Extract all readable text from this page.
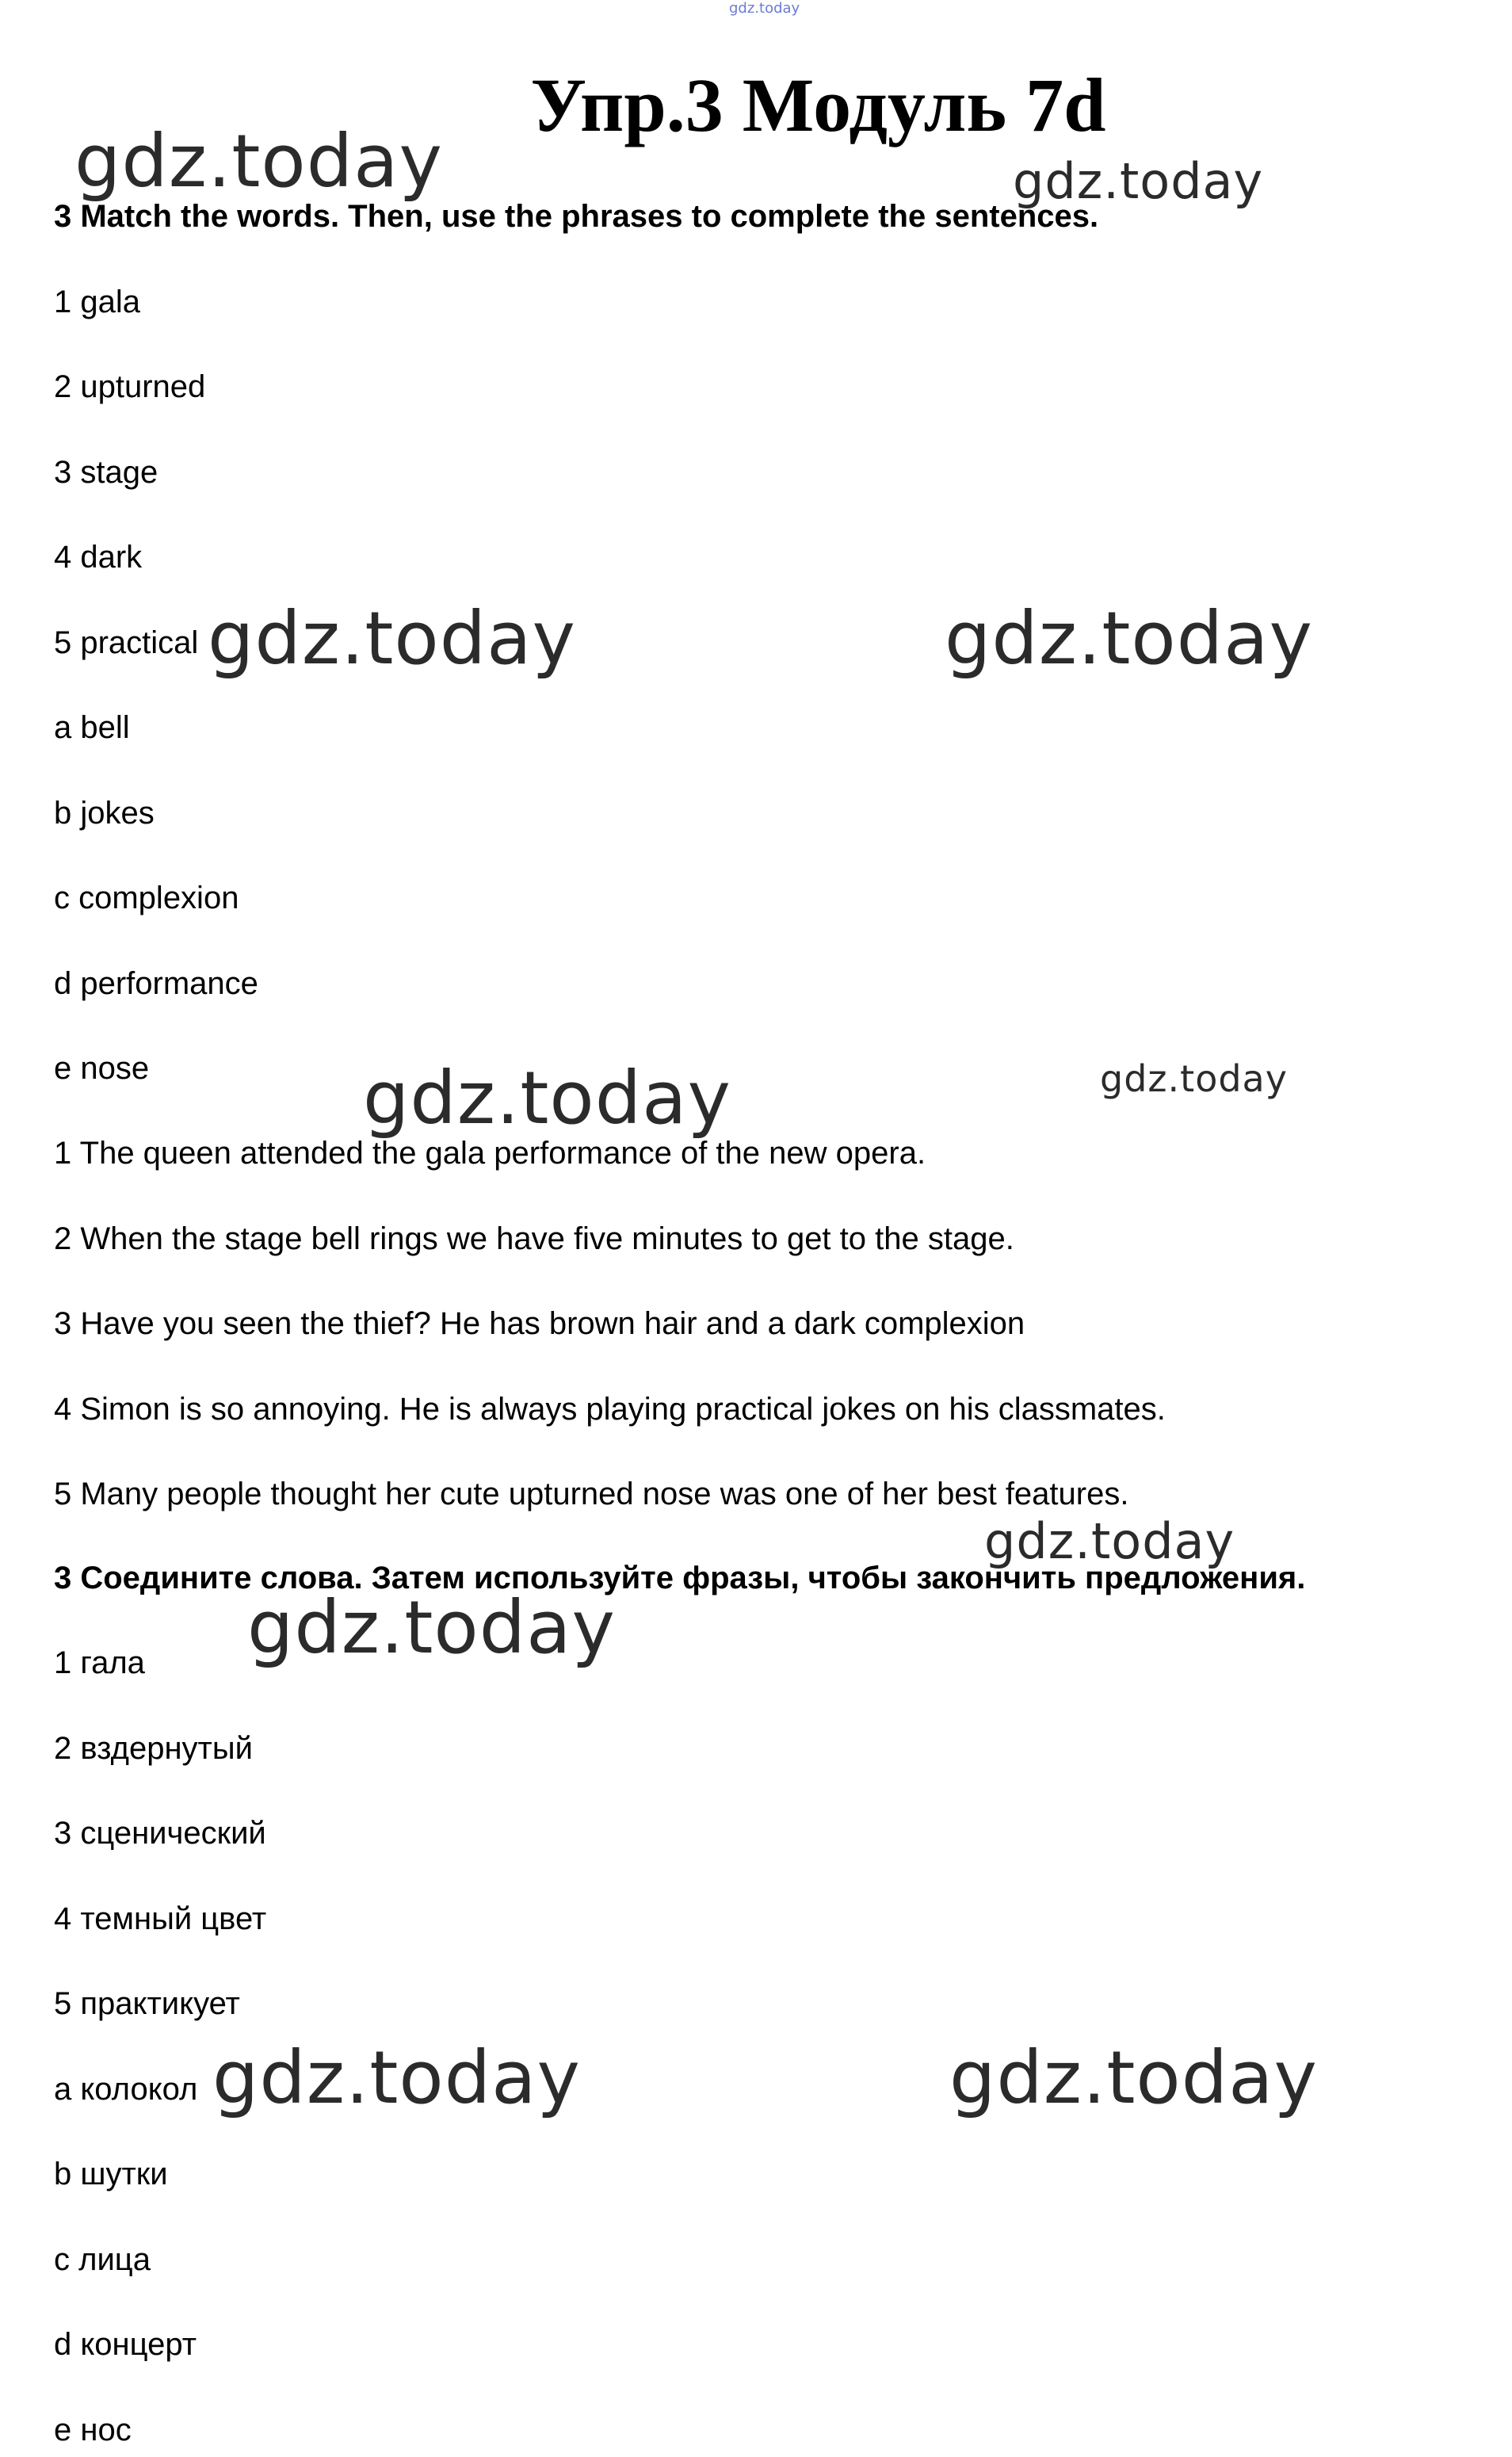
gdz.today
Упр.3 Модуль 7d
3 Match the words. Then, use the phrases to complete the sentences.
1 gala
2 upturned
3 stage
4 dark
5 practical
a bell
b jokes
c complexion
d performance
e nose
1 The queen attended the gala performance of the new opera.
2 When the stage bell rings we have five minutes to get to the stage.
3 Have you seen the thief? He has brown hair and a dark complexion
4 Simon is so annoying. He is always playing practical jokes on his classmates.
5 Many people thought her cute upturned nose was one of her best features.
3 Соедините слова. Затем используйте фразы, чтобы закончить предложения.
1 гала
2 вздернутый
3 сценический
4 темный цвет
5 практикует
а колокол
b шутки
с лица
d концерт
е нос
gdz.today	gdz.today
gdz.today	gdz.today
gdz.today	gdz.today
gdz.today
gdz.today
gdz.today	gdz.today
